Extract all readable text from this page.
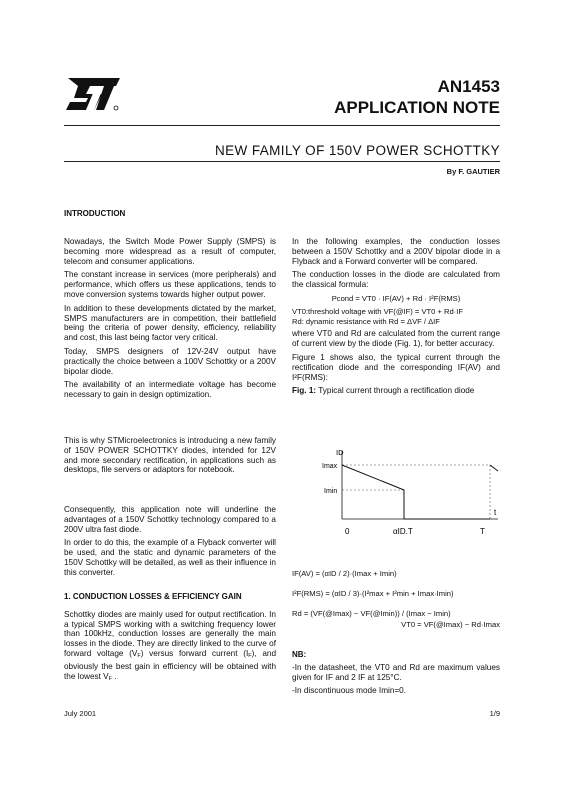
AN1453
APPLICATION NOTE
NEW FAMILY OF 150V POWER SCHOTTKY
By F. GAUTIER
INTRODUCTION

Nowadays, the Switch Mode Power Supply (SMPS) is becoming more widespread as a result of computer, telecom and consumer applications.

The constant increase in services (more peripherals) and performance, which offers us these applications, tends to move conversion systems towards higher output power.

In addition to these developments dictated by the market, SMPS manufacturers are in competition, their battlefield being the criteria of power density, efficiency, reliability and cost, this last being factor very critical.

Today, SMPS designers of 12V-24V output have practically the choice between a 100V Schottky or a 200V bipolar diode.

The availability of an intermediate voltage has become necessary to gain in design optimization.

This is why STMicroelectronics is introducing a new family of 150V POWER SCHOTTKY diodes, intended for 12V and more secondary rectification, in applications such as desktops, file servers or adaptors for notebook.

Consequently, this application note will underline the advantages of a 150V Schottky technology compared to a 200V ultra fast diode.

In order to do this, the example of a Flyback converter will be used, and the static and dynamic parameters of the 150V Schottky will be detailed, as well as their influence in this converter.

1. CONDUCTION LOSSES & EFFICIENCY GAIN

Schottky diodes are mainly used for output rectification. In a typical SMPS working with a switching frequency lower than 100kHz, conduction losses are generally the main losses in the diode. They are directly linked to the curve of forward voltage $(V_F)$ versus forward current $(I_F)$, and obviously the best gain in efficiency will be obtained with the lowest $V_F$ .

In the following examples, the conduction losses between a 150V Schottky and a 200V bipolar diode in a Flyback and a Forward converter will be compared.

The conduction losses in the diode are calculated from the classical formula:

Pcond = VT0 · IF(AV) + Rd · I²F(RMS)
VT0:threshold voltage with VF(@IF) = VT0 + Rd·IF
Rd: dynamic resistance with Rd = ΔVF / ΔIF

where VT0 and Rd are calculated from the current range of current view by the diode (Fig. 1), for better accuracy.

Figure 1 shows also, the typical current through the rectification diode and the corresponding IF(AV) and I²F(RMS):

Fig. 1: Typical current through a rectification diode
ID
Imax
Imin
t
0	αID.T	T
IF(AV) = (αID / 2)·(Imax + Imin)
I²F(RMS) = (αID / 3)·(I²max + I²min + Imax·Imin)
Rd = (VF(@Imax) − VF(@Imin)) / (Imax − Imin)
VT0 = VF(@Imax) − Rd·Imax
NB:

-In the datasheet, the VT0 and Rd are maximum values given for IF and 2 IF at 125°C.

-In discontinuous mode Imin=0.

July 2001	1/9
